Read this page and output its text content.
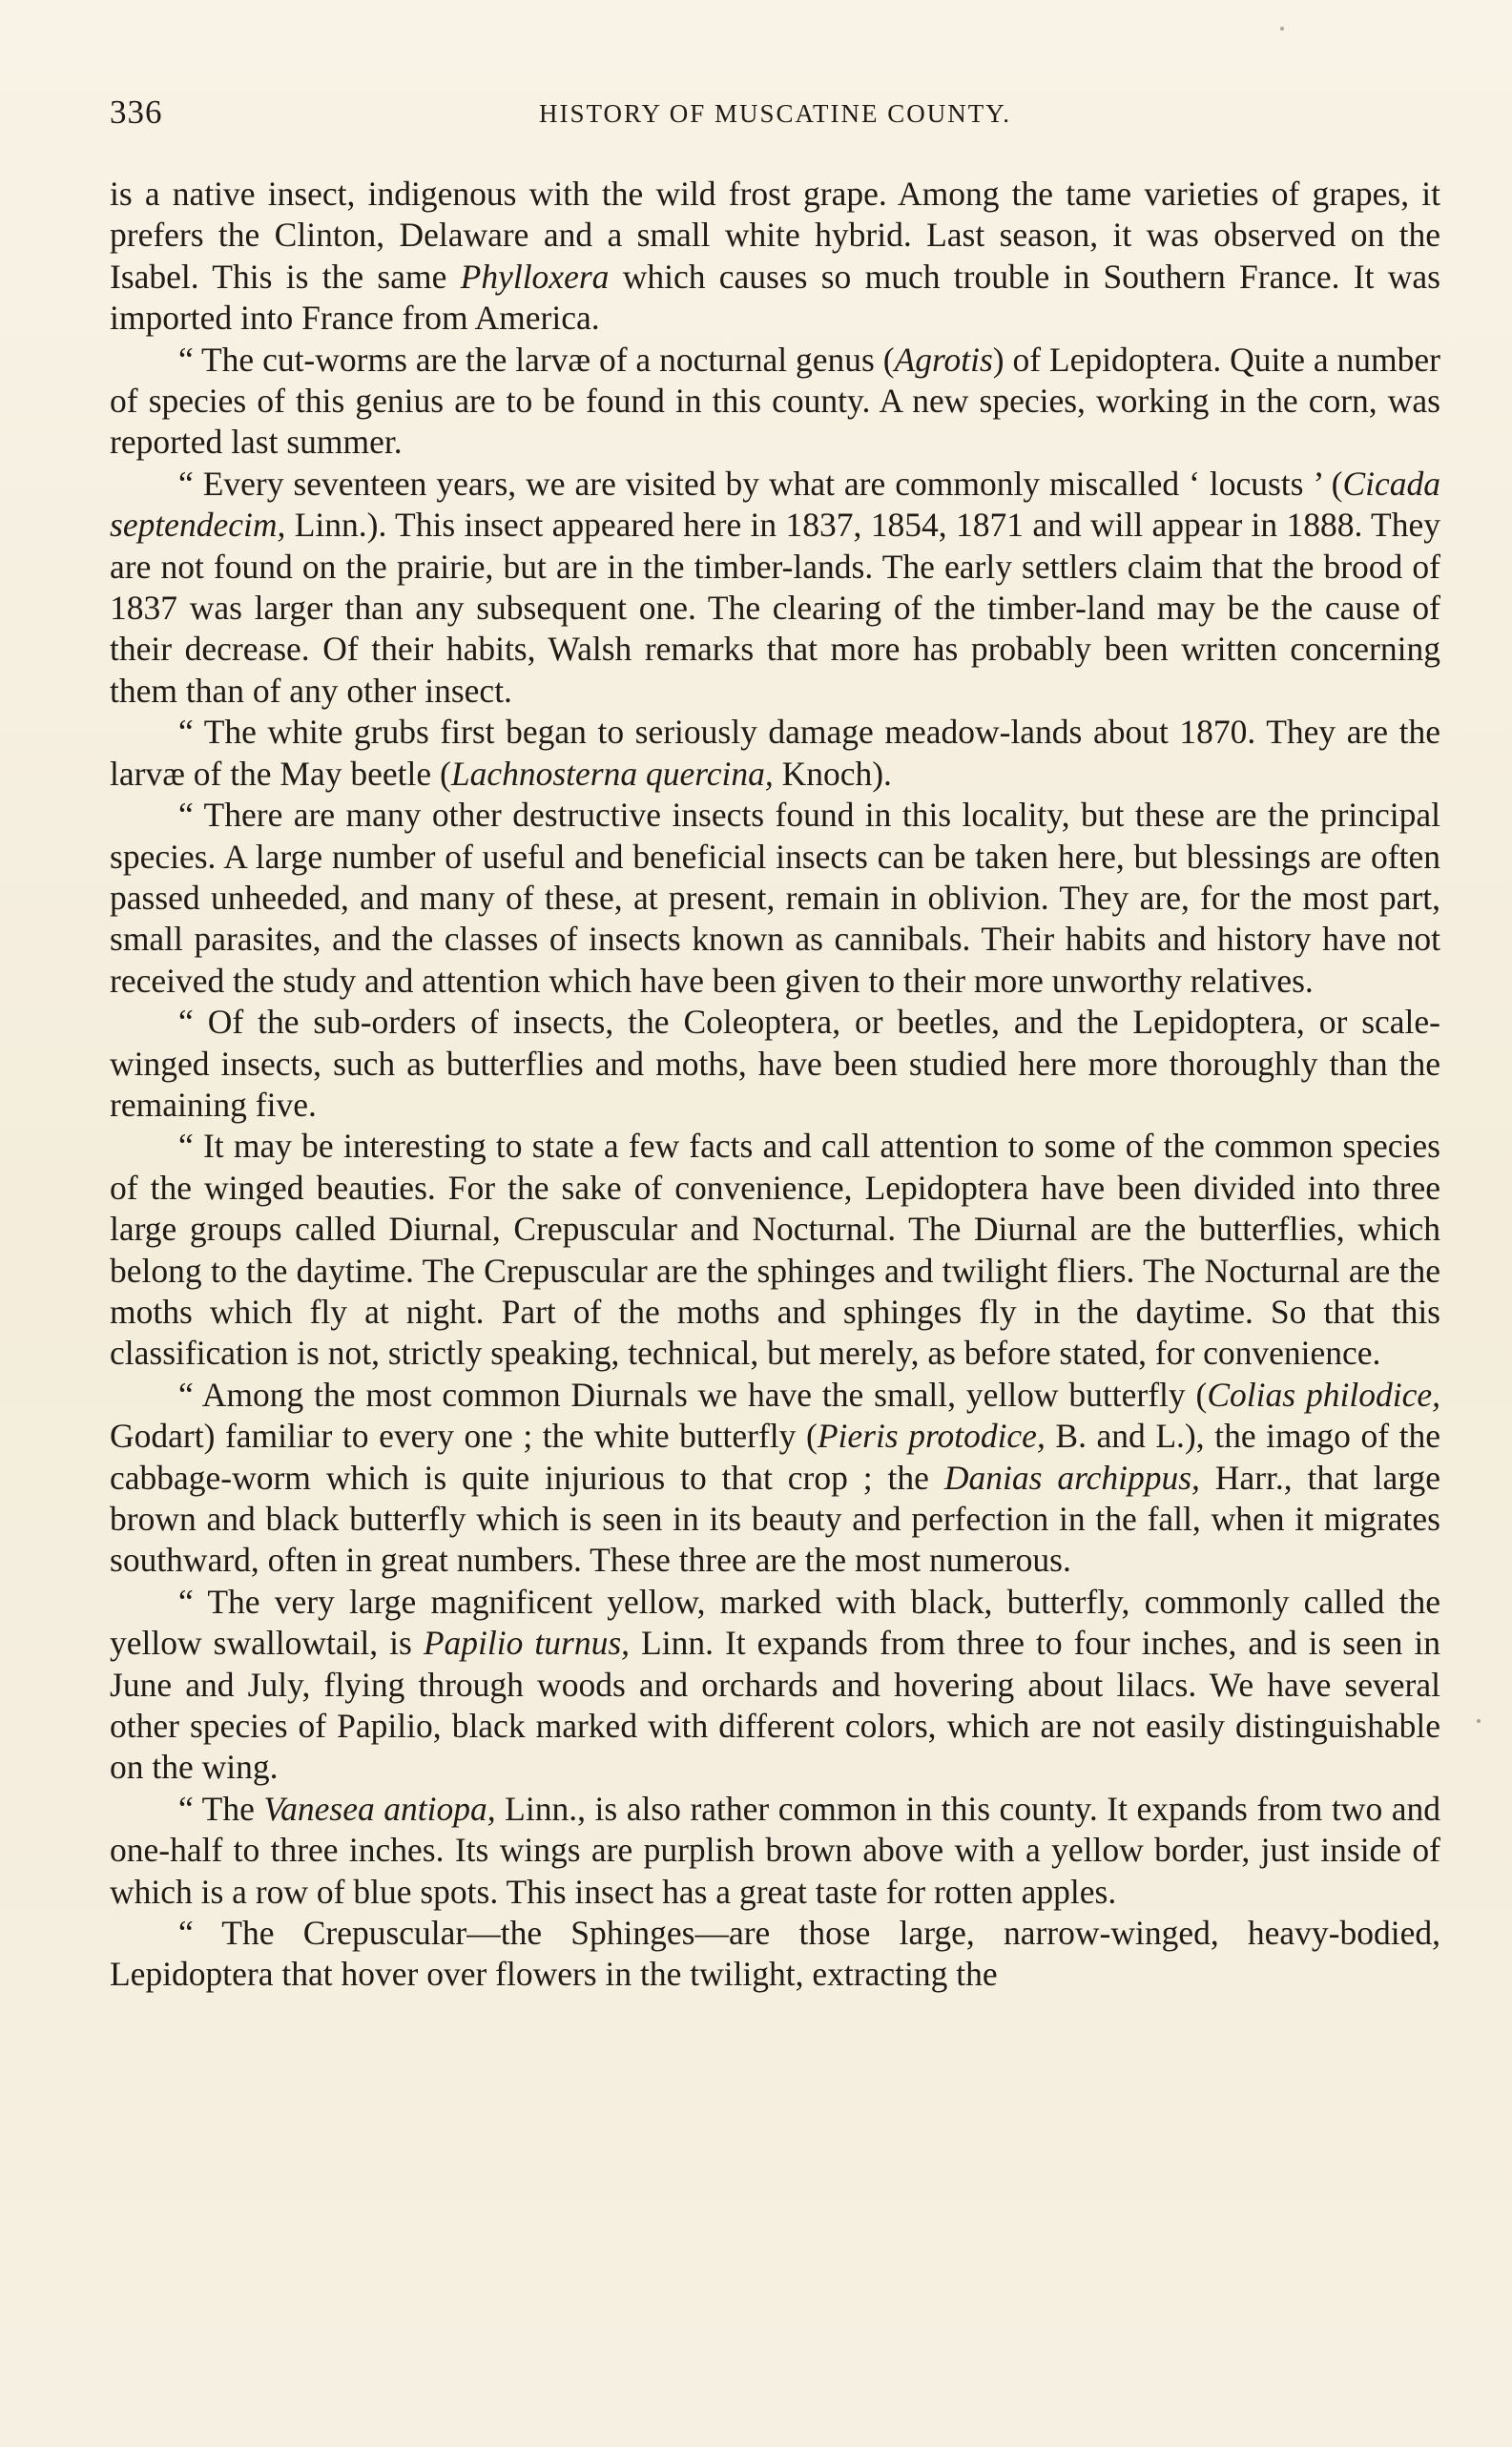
336	HISTORY OF MUSCATINE COUNTY.

is a native insect, indigenous with the wild frost grape. Among the tame varieties of grapes, it prefers the Clinton, Delaware and a small white hybrid. Last season, it was observed on the Isabel. This is the same Phylloxera which causes so much trouble in Southern France. It was imported into France from America.

“ The cut-worms are the larvæ of a nocturnal genus (Agrotis) of Lepidoptera. Quite a number of species of this genius are to be found in this county. A new species, working in the corn, was reported last summer.

“ Every seventeen years, we are visited by what are commonly miscalled ‘ locusts ’ (Cicada septendecim, Linn.). This insect appeared here in 1837, 1854, 1871 and will appear in 1888. They are not found on the prairie, but are in the timber-lands. The early settlers claim that the brood of 1837 was larger than any subsequent one. The clearing of the timber-land may be the cause of their decrease. Of their habits, Walsh remarks that more has probably been written concerning them than of any other insect.

“ The white grubs first began to seriously damage meadow-lands about 1870. They are the larvæ of the May beetle (Lachnosterna quercina, Knoch).

“ There are many other destructive insects found in this locality, but these are the principal species. A large number of useful and beneficial insects can be taken here, but blessings are often passed unheeded, and many of these, at present, remain in oblivion. They are, for the most part, small parasites, and the classes of insects known as cannibals. Their habits and history have not received the study and attention which have been given to their more unworthy relatives.

“ Of the sub-orders of insects, the Coleoptera, or beetles, and the Lepidoptera, or scale-winged insects, such as butterflies and moths, have been studied here more thoroughly than the remaining five.

“ It may be interesting to state a few facts and call attention to some of the common species of the winged beauties. For the sake of convenience, Lepidoptera have been divided into three large groups called Diurnal, Crepuscular and Nocturnal. The Diurnal are the butterflies, which belong to the daytime. The Crepuscular are the sphinges and twilight fliers. The Nocturnal are the moths which fly at night. Part of the moths and sphinges fly in the daytime. So that this classification is not, strictly speaking, technical, but merely, as before stated, for convenience.

“ Among the most common Diurnals we have the small, yellow butterfly (Colias philodice, Godart) familiar to every one ; the white butterfly (Pieris protodice, B. and L.), the imago of the cabbage-worm which is quite injurious to that crop ; the Danias archippus, Harr., that large brown and black butterfly which is seen in its beauty and perfection in the fall, when it migrates southward, often in great numbers. These three are the most numerous.

“ The very large magnificent yellow, marked with black, butterfly, commonly called the yellow swallowtail, is Papilio turnus, Linn. It expands from three to four inches, and is seen in June and July, flying through woods and orchards and hovering about lilacs. We have several other species of Papilio, black marked with different colors, which are not easily distinguishable on the wing.

“ The Vanesea antiopa, Linn., is also rather common in this county. It expands from two and one-half to three inches. Its wings are purplish brown above with a yellow border, just inside of which is a row of blue spots. This insect has a great taste for rotten apples.

“ The Crepuscular—the Sphinges—are those large, narrow-winged, heavy-bodied, Lepidoptera that hover over flowers in the twilight, extracting the
